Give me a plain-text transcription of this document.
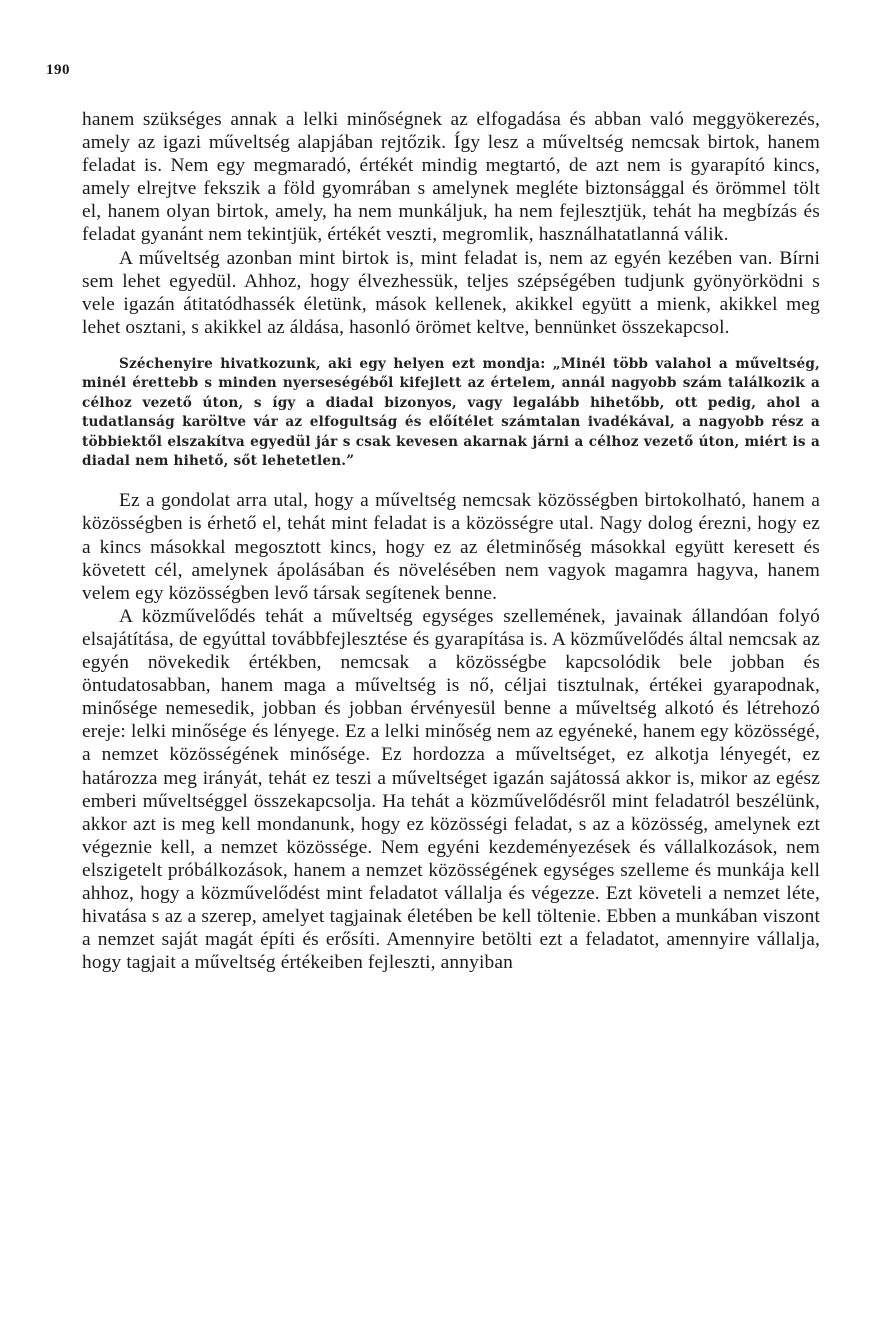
190

hanem szükséges annak a lelki minőségnek az elfogadása és abban való meggyökerezés, amely az igazi műveltség alapjában rejtőzik. Így lesz a műveltség nemcsak birtok, hanem feladat is. Nem egy megmaradó, értékét mindig megtartó, de azt nem is gyarapító kincs, amely elrejtve fekszik a föld gyomrában s amelynek megléte biztonsággal és örömmel tölt el, hanem olyan birtok, amely, ha nem munkáljuk, ha nem fejlesztjük, tehát ha megbízás és feladat gyanánt nem tekintjük, értékét veszti, megromlik, használhatatlanná válik.

A műveltség azonban mint birtok is, mint feladat is, nem az egyén kezében van. Bírni sem lehet egyedül. Ahhoz, hogy élvezhessük, teljes szépségében tudjunk gyönyörködni s vele igazán átitatódhassék életünk, mások kellenek, akikkel együtt a mienk, akikkel meg lehet osztani, s akikkel az áldása, hasonló örömet keltve, bennünket összekapcsol.

Széchenyire hivatkozunk, aki egy helyen ezt mondja: „Minél több valahol a műveltség, minél érettebb s minden nyerseségéből kifejlett az értelem, annál nagyobb szám találkozik a célhoz vezető úton, s így a diadal bizonyos, vagy legalább hihetőbb, ott pedig, ahol a tudatlanság karöltve vár az elfogultság és előítélet számtalan ivadékával, a nagyobb rész a többiektől elszakítva egyedül jár s csak kevesen akarnak járni a célhoz vezető úton, miért is a diadal nem hihető, sőt lehetetlen.”

Ez a gondolat arra utal, hogy a műveltség nemcsak közösségben birtokolható, hanem a közösségben is érhető el, tehát mint feladat is a közösségre utal. Nagy dolog érezni, hogy ez a kincs másokkal megosztott kincs, hogy ez az életminőség másokkal együtt keresett és követett cél, amelynek ápolásában és növelésében nem vagyok magamra hagyva, hanem velem egy közösségben levő társak segítenek benne.

A közművelődés tehát a műveltség egységes szellemének, javainak állandóan folyó elsajátítása, de egyúttal továbbfejlesztése és gyarapítása is. A közművelődés által nemcsak az egyén növekedik értékben, nemcsak a közösségbe kapcsolódik bele jobban és öntudatosabban, hanem maga a műveltség is nő, céljai tisztulnak, értékei gyarapodnak, minősége nemesedik, jobban és jobban érvényesül benne a műveltség alkotó és létrehozó ereje: lelki minősége és lényege. Ez a lelki minőség nem az egyéneké, hanem egy közösségé, a nemzet közösségének minősége. Ez hordozza a műveltséget, ez alkotja lényegét, ez határozza meg irányát, tehát ez teszi a műveltséget igazán sajátossá akkor is, mikor az egész emberi műveltséggel összekapcsolja. Ha tehát a közművelődésről mint feladatról beszélünk, akkor azt is meg kell mondanunk, hogy ez közösségi feladat, s az a közösség, amelynek ezt végeznie kell, a nemzet közössége. Nem egyéni kezdeményezések és vállalkozások, nem elszigetelt próbálkozások, hanem a nemzet közösségének egységes szelleme és munkája kell ahhoz, hogy a közművelődést mint feladatot vállalja és végezze. Ezt követeli a nemzet léte, hivatása s az a szerep, amelyet tagjainak életében be kell töltenie. Ebben a munkában viszont a nemzet saját magát építi és erősíti. Amennyire betölti ezt a feladatot, amennyire vállalja, hogy tagjait a műveltség értékeiben fejleszti, annyiban
